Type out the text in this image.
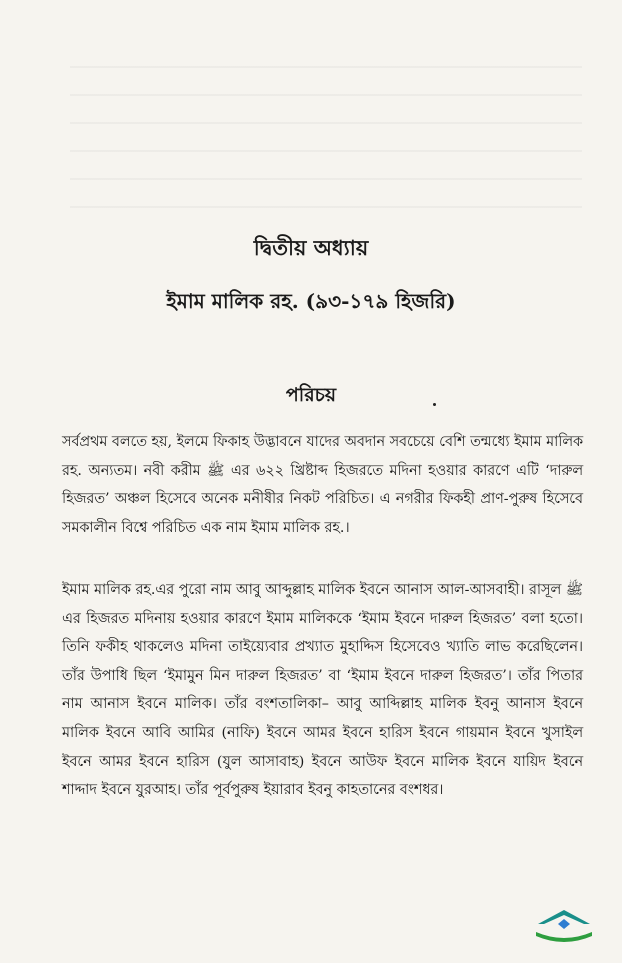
দ্বিতীয় অধ্যায়
ইমাম মালিক রহ. (৯৩-১৭৯ হিজরি)
পরিচয়

সর্বপ্রথম বলতে হয়, ইলমে ফিকাহ উদ্ভাবনে যাদের অবদান সবচেয়ে বেশি তন্মধ্যে ইমাম মালিক রহ. অন্যতম। নবী করীম ﷺ এর ৬২২ খ্রিষ্টাব্দ হিজরতে মদিনা হওয়ার কারণে এটি ‘দারুল হিজরত’ অঞ্চল হিসেবে অনেক মনীষীর নিকট পরিচিত। এ নগরীর ফিকহী প্রাণ-পুরুষ হিসেবে সমকালীন বিশ্বে পরিচিত এক নাম ইমাম মালিক রহ.।

ইমাম মালিক রহ.এর পুরো নাম আবু আব্দুল্লাহ মালিক ইবনে আনাস আল-আসবাহী। রাসূল ﷺ এর হিজরত মদিনায় হওয়ার কারণে ইমাম মালিককে ‘ইমাম ইবনে দারুল হিজরত’ বলা হতো। তিনি ফকীহ থাকলেও মদিনা তাইয়্যেবার প্রখ্যাত মুহাদ্দিস হিসেবেও খ্যাতি লাভ করেছিলেন। তাঁর উপাধি ছিল ‘ইমামুন মিন দারুল হিজরত’ বা ‘ইমাম ইবনে দারুল হিজরত’। তাঁর পিতার নাম আনাস ইবনে মালিক। তাঁর বংশতালিকা– আবু আব্দিল্লাহ মালিক ইবনু আনাস ইবনে মালিক ইবনে আবি আমির (নাফি) ইবনে আমর ইবনে হারিস ইবনে গায়মান ইবনে খুসাইল ইবনে আমর ইবনে হারিস (যুল আসাবাহ) ইবনে আউফ ইবনে মালিক ইবনে যায়িদ ইবনে শাদ্দাদ ইবনে যুরআহ। তাঁর পূর্বপুরুষ ইয়ারাব ইবনু কাহতানের বংশধর।
